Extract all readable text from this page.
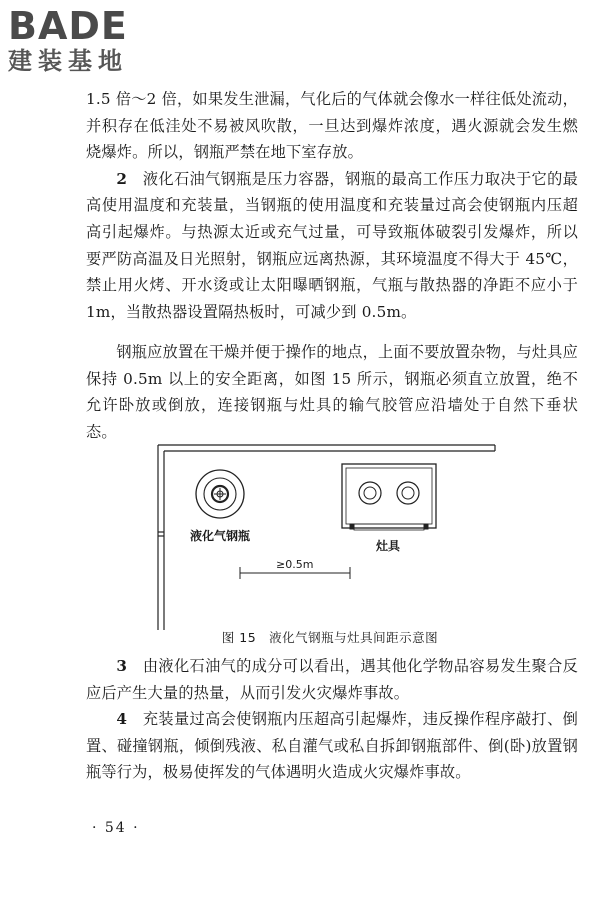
BADE
建装基地

1.5 倍～2 倍，如果发生泄漏，气化后的气体就会像水一样往低处流动，并积存在低洼处不易被风吹散，一旦达到爆炸浓度，遇火源就会发生燃烧爆炸。所以，钢瓶严禁在地下室存放。

2　 液化石油气钢瓶是压力容器，钢瓶的最高工作压力取决于它的最高使用温度和充装量，当钢瓶的使用温度和充装量过高会使钢瓶内压超高引起爆炸。与热源太近或充气过量，可导致瓶体破裂引发爆炸，所以要严防高温及日光照射，钢瓶应远离热源，其环境温度不得大于 45℃，禁止用火烤、开水烫或让太阳曝晒钢瓶，气瓶与散热器的净距不应小于 1m，当散热器设置隔热板时，可减少到 0.5m。

钢瓶应放置在干燥并便于操作的地点，上面不要放置杂物，与灶具应保持 0.5m 以上的安全距离，如图 15 所示，钢瓶必须直立放置，绝不允许卧放或倒放，连接钢瓶与灶具的输气胶管应沿墙处于自然下垂状态。

液化气钢瓶
灶具
≥0.5m
图 15　液化气钢瓶与灶具间距示意图

3　 由液化石油气的成分可以看出，遇其他化学物品容易发生聚合反应后产生大量的热量，从而引发火灾爆炸事故。

4　 充装量过高会使钢瓶内压超高引起爆炸，违反操作程序敲打、倒置、碰撞钢瓶，倾倒残液、私自灌气或私自拆卸钢瓶部件、倒(卧)放置钢瓶等行为，极易使挥发的气体遇明火造成火灾爆炸事故。

· 54 ·
